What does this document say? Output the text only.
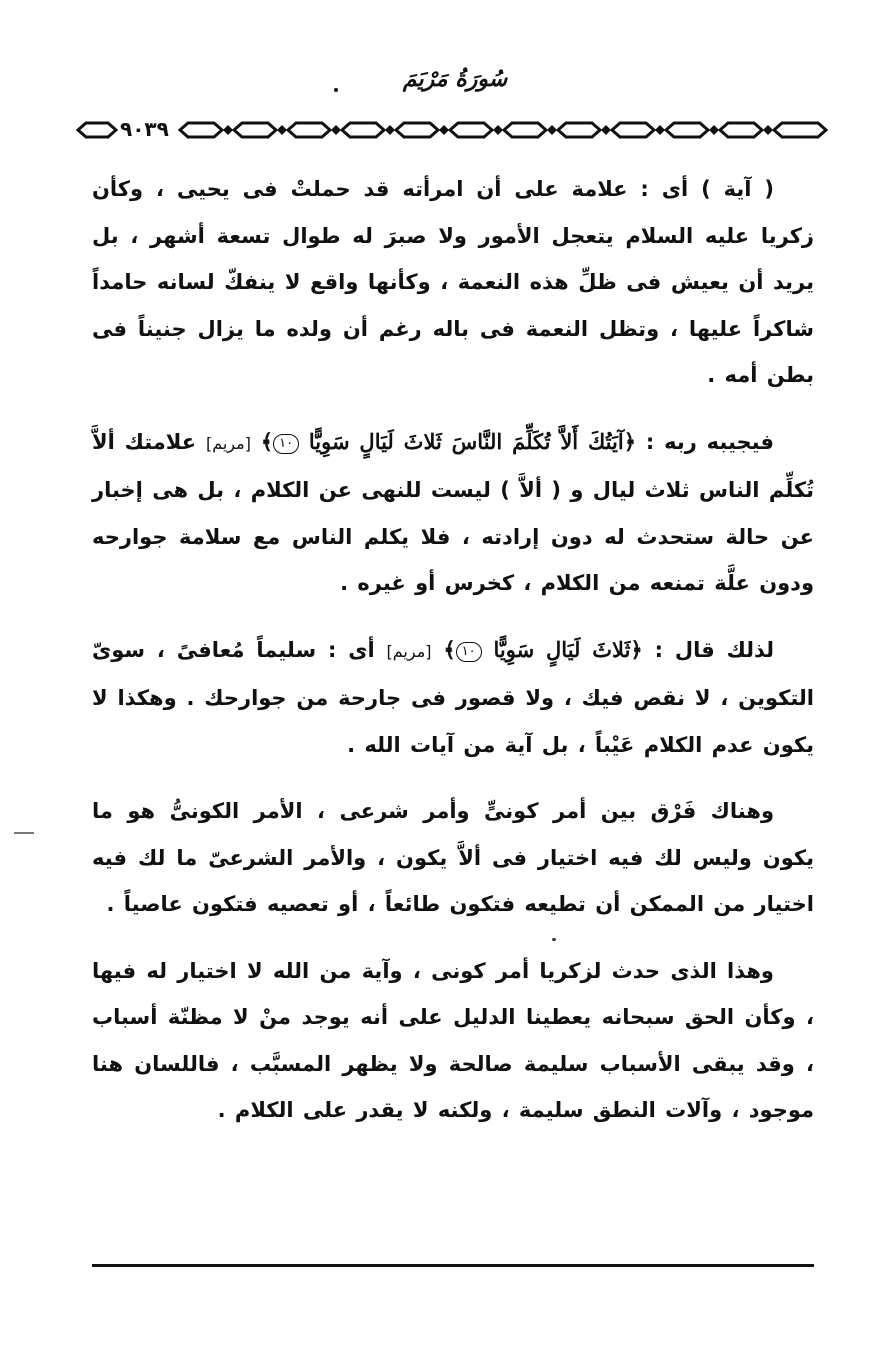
سُورَةُ مَرْيَمَ
٩٠٣٩

( آية ) أى : علامة على أن امرأته قد حملتْ فى يحيى ، وكأن زكريا عليه السلام يتعجل الأمور ولا صبرَ له طوال تسعة أشهر ، بل يريد أن يعيش فى ظلِّ هذه النعمة ، وكأنها واقع لا ينفكّ لسانه حامداً شاكراً عليها ، وتظل النعمة فى باله رغم أن ولده ما يزال جنيناً فى بطن أمه .

فيجيبه ربه : ﴿آيَتُكَ أَلاَّ تُكَلِّمَ النَّاسَ ثَلاثَ لَيَالٍ سَوِيًّا ١٠﴾ [مريم] علامتك ألاَّ تُكلِّم الناس ثلاث ليال و ( ألاَّ ) ليست للنهى عن الكلام ، بل هى إخبار عن حالة ستحدث له دون إرادته ، فلا يكلم الناس مع سلامة جوارحه ودون علَّة تمنعه من الكلام ، كخرس أو غيره .

لذلك قال : ﴿ثَلاثَ لَيَالٍ سَوِيًّا ١٠﴾ [مريم] أى : سليماً مُعافىً ، سوىّ التكوين ، لا نقص فيك ، ولا قصور فى جارحة من جوارحك . وهكذا لا يكون عدم الكلام عَيْباً ، بل آية من آيات الله .

وهناك فَرْق بين أمر كونىٍّ وأمر شرعى ، الأمر الكونىُّ هو ما يكون وليس لك فيه اختيار فى ألاَّ يكون ، والأمر الشرعىّ ما لك فيه اختيار من الممكن أن تطيعه فتكون طائعاً ، أو تعصيه فتكون عاصياً .

وهذا الذى حدث لزكريا أمر كونى ، وآية من الله لا اختيار له فيها ، وكأن الحق سبحانه يعطينا الدليل على أنه يوجد منْ لا مظنّة أسباب ، وقد يبقى الأسباب سليمة صالحة ولا يظهر المسبَّب ، فاللسان هنا موجود ، وآلات النطق سليمة ، ولكنه لا يقدر على الكلام .
